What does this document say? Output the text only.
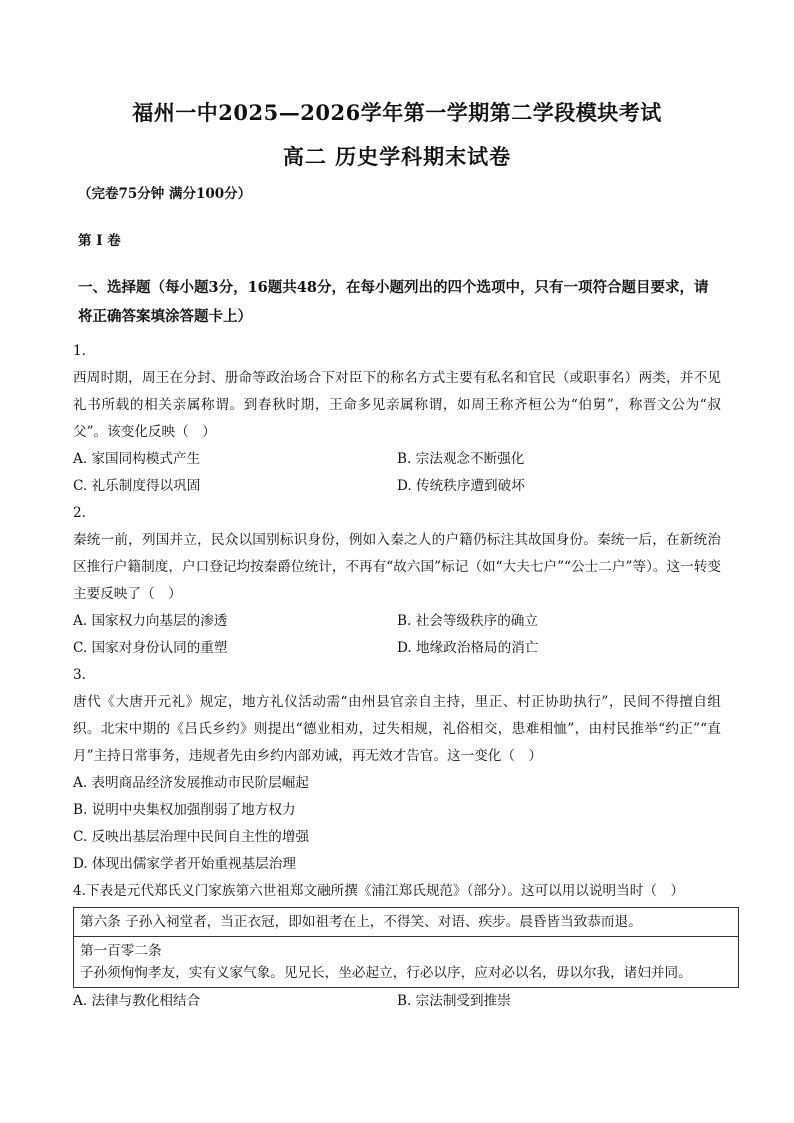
福州一中2025—2026学年第一学期第二学段模块考试
高二 历史学科期末试卷
（完卷75分钟 满分100分）
第 I 卷
一、选择题（每小题3分，16题共48分，在每小题列出的四个选项中，只有一项符合题目要求，请将正确答案填涂答题卡上）
1.
西周时期，周王在分封、册命等政治场合下对臣下的称名方式主要有私名和官民（或职事名）两类，并不见礼书所载的相关亲属称谓。到春秋时期，王命多见亲属称谓，如周王称齐桓公为“伯舅”，称晋文公为“叔父”。该变化反映（　）
A. 家国同构模式产生	B. 宗法观念不断强化
C. 礼乐制度得以巩固	D. 传统秩序遭到破坏
2.
秦统一前，列国并立，民众以国别标识身份，例如入秦之人的户籍仍标注其故国身份。秦统一后，在新统治区推行户籍制度，户口登记均按秦爵位统计，不再有“故六国”标记（如“大夫七户”“公士二户”等）。这一转变主要反映了（　）
A. 国家权力向基层的渗透	B. 社会等级秩序的确立
C. 国家对身份认同的重塑	D. 地缘政治格局的消亡
3.
唐代《大唐开元礼》规定，地方礼仪活动需“由州县官亲自主持，里正、村正协助执行”，民间不得擅自组织。北宋中期的《吕氏乡约》则提出“德业相劝，过失相规，礼俗相交，患难相恤”，由村民推举“约正”“直月”主持日常事务，违规者先由乡约内部劝诫，再无效才告官。这一变化（　）
A. 表明商品经济发展推动市民阶层崛起
B. 说明中央集权加强削弱了地方权力
C. 反映出基层治理中民间自主性的增强
D. 体现出儒家学者开始重视基层治理
4. 下表是元代郑氏义门家族第六世祖郑文融所撰《浦江郑氏规范》（部分）。这可以用以说明当时（　）
第六条 子孙入祠堂者，当正衣冠，即如祖考在上，不得笑、对语、疾步。晨昏皆当致恭而退。

第一百零二条
子孙须恂恂孝友，实有义家气象。见兄长，坐必起立，行必以序，应对必以名，毋以尔我，诸妇并同。
A. 法律与教化相结合	B. 宗法制受到推崇
